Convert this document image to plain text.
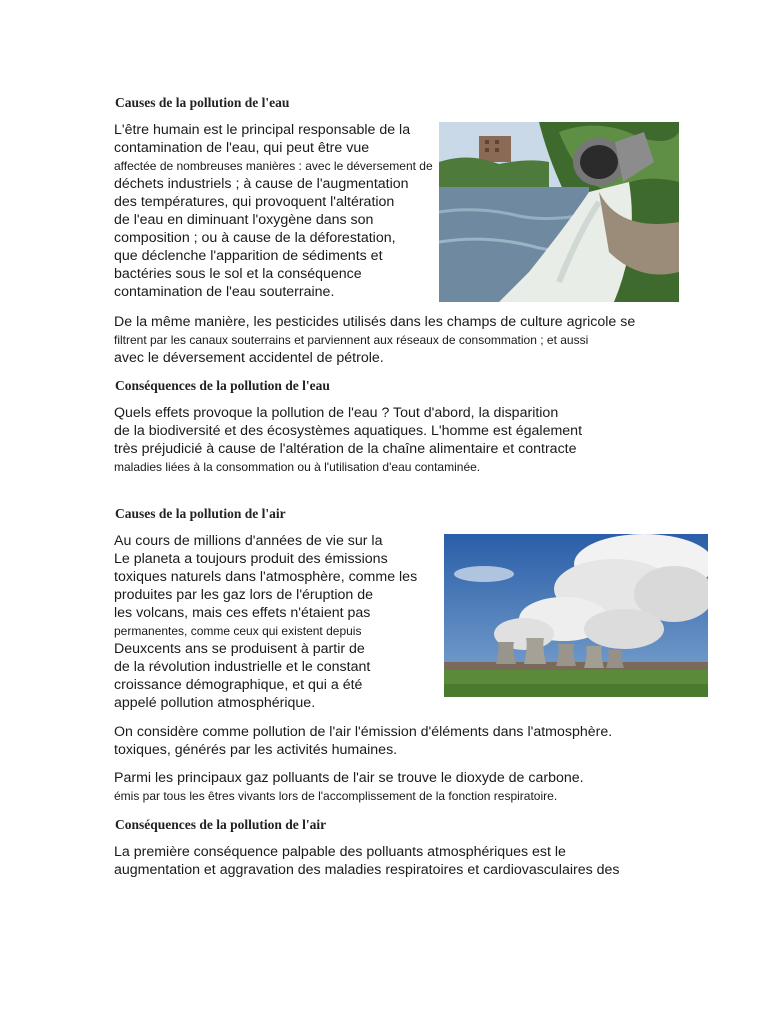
Causes de la pollution de l'eau
L'être humain est le principal responsable de la
contamination de l'eau, qui peut être vue
affectée de nombreuses manières : avec le déversement de
déchets industriels ; à cause de l'augmentation
des températures, qui provoquent l'altération
de l'eau en diminuant l'oxygène dans son
composition ; ou à cause de la déforestation,
que déclenche l'apparition de sédiments et
bactéries sous le sol et la conséquence
contamination de l'eau souterraine.
De la même manière, les pesticides utilisés dans les champs de culture agricole se
filtrent par les canaux souterrains et parviennent aux réseaux de consommation ; et aussi
avec le déversement accidentel de pétrole.
Conséquences de la pollution de l'eau
Quels effets provoque la pollution de l'eau ? Tout d'abord, la disparition
de la biodiversité et des écosystèmes aquatiques. L'homme est également
très préjudicié à cause de l'altération de la chaîne alimentaire et contracte
maladies liées à la consommation ou à l'utilisation d'eau contaminée.
Causes de la pollution de l'air
Au cours de millions d'années de vie sur la
Le planeta a toujours produit des émissions
toxiques naturels dans l'atmosphère, comme les
produites par les gaz lors de l'éruption de
les volcans, mais ces effets n'étaient pas
permanentes, comme ceux qui existent depuis
Deuxcents ans se produisent à partir de
de la révolution industrielle et le constant
croissance démographique, et qui a été
appelé pollution atmosphérique.
On considère comme pollution de l'air l'émission d'éléments dans l'atmosphère.
toxiques, générés par les activités humaines.
Parmi les principaux gaz polluants de l'air se trouve le dioxyde de carbone.
émis par tous les êtres vivants lors de l'accomplissement de la fonction respiratoire.
Conséquences de la pollution de l'air
La première conséquence palpable des polluants atmosphériques est le
augmentation et aggravation des maladies respiratoires et cardiovasculaires des
